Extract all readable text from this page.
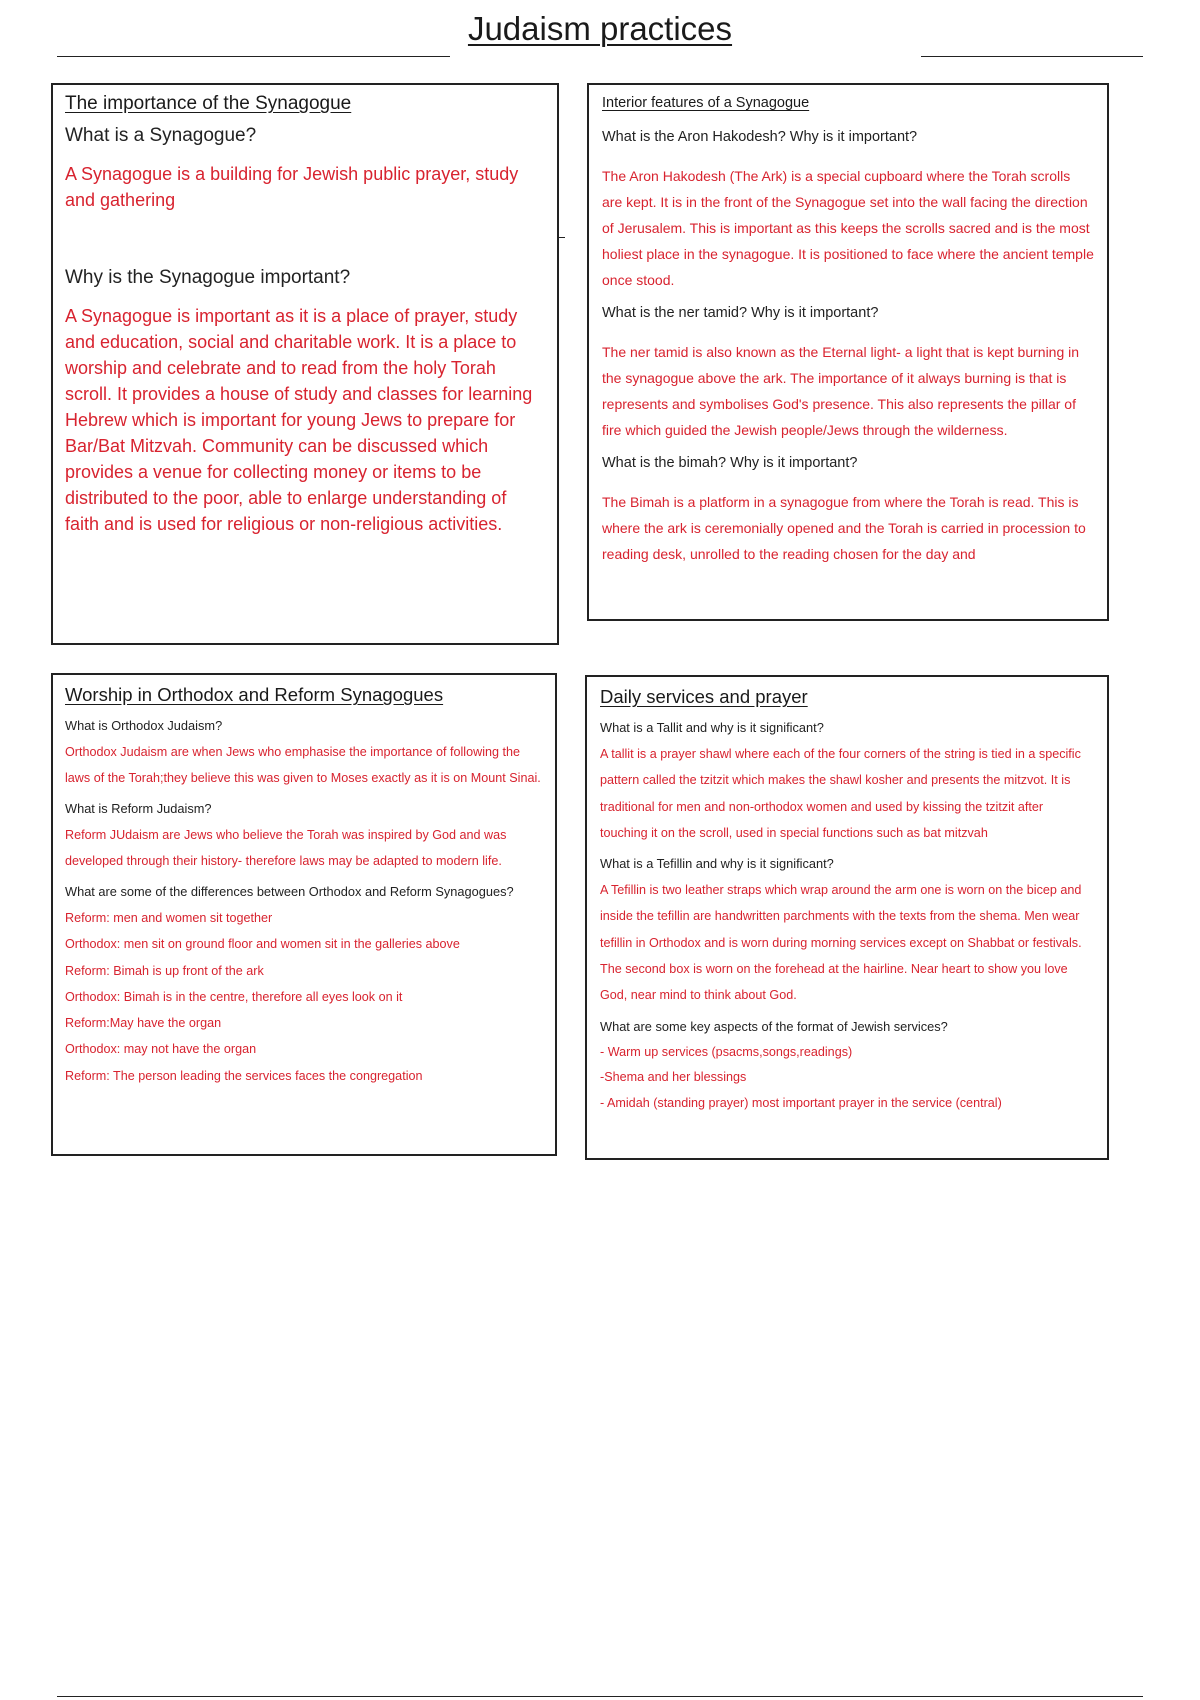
Judaism practices
The importance of the Synagogue

What is a Synagogue?

A Synagogue is a building for Jewish public prayer, study and gathering

Why is the Synagogue important?

A Synagogue is important as it is a place of prayer, study and education, social and charitable work. It is a place to worship and celebrate and to read from the holy Torah scroll. It provides a house of study and classes for learning Hebrew which is important for young Jews to prepare for Bar/Bat Mitzvah. Community can be discussed which provides a venue for collecting money or items to be distributed to the poor, able to enlarge understanding of faith and is used for religious or non-religious activities.

Interior features of a Synagogue

What is the Aron Hakodesh? Why is it important?

The Aron Hakodesh (The Ark) is a special cupboard where the Torah scrolls are kept. It is in the front of the Synagogue set into the wall facing the direction of Jerusalem. This is important as this keeps the scrolls sacred and is the most holiest place in the synagogue. It is positioned to face where the ancient temple once stood.

What is the ner tamid? Why is it important?

The ner tamid is also known as the Eternal light- a light that is kept burning in the synagogue above the ark. The importance of it always burning is that is represents and symbolises God's presence. This also represents the pillar of fire which guided the Jewish people/Jews through the wilderness.

What is the bimah? Why is it important?

The Bimah is a platform in a synagogue from where the Torah is read. This is where the ark is ceremonially opened and the Torah is carried in procession to reading desk, unrolled to the reading chosen for the day and

Worship in Orthodox and Reform Synagogues

What is Orthodox Judaism?

Orthodox Judaism are when Jews who emphasise the importance of following the laws of the Torah;they believe this was given to Moses exactly as it is on Mount Sinai.

What is Reform Judaism?

Reform JUdaism are Jews who believe the Torah was inspired by God and was developed through their history- therefore laws may be adapted to modern life.

What are some of the differences between Orthodox and Reform Synagogues?

Reform: men and women sit together

Orthodox: men sit on ground floor and women sit in the galleries above

Reform: Bimah is up front of the ark

Orthodox: Bimah is in the centre, therefore all eyes look on it

Reform:May have the organ

Orthodox: may not have the organ

Reform: The person leading the services faces the congregation

Daily services and prayer

What is a Tallit and why is it significant?

A tallit is a prayer shawl where each of the four corners of the string is tied in a specific pattern called the tzitzit which makes the shawl kosher and presents the mitzvot. It is traditional for men and non-orthodox women and used by kissing the tzitzit after touching it on the scroll, used in special functions such as bat mitzvah

What is a Tefillin and why is it significant?

A Tefillin is two leather straps which wrap around the arm one is worn on the bicep and inside the tefillin are handwritten parchments with the texts from the shema. Men wear tefillin in Orthodox and is worn during morning services except on Shabbat or festivals. The second box is worn on the forehead at the hairline. Near heart to show you love God, near mind to think about God.

What are some key aspects of the format of Jewish services?

- Warm up services (psacms,songs,readings)

-Shema and her blessings

- Amidah (standing prayer) most important prayer in the service (central)
